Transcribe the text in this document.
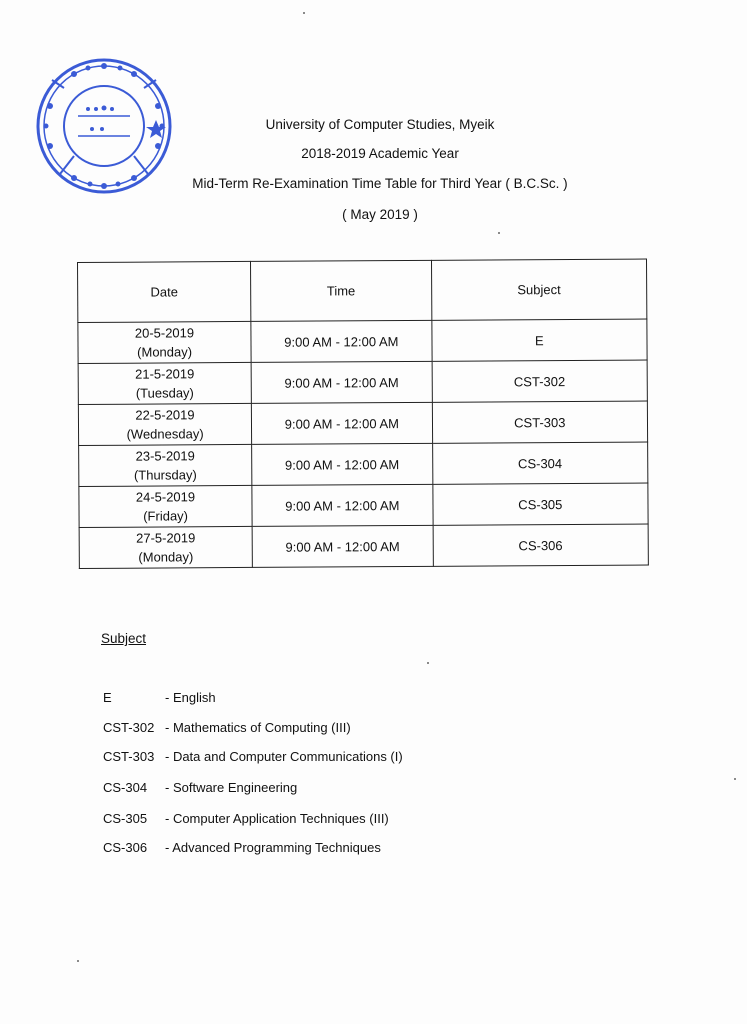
University of Computer Studies, Myeik
2018-2019 Academic Year
Mid-Term Re-Examination Time Table for Third Year ( B.C.Sc. )
( May 2019 )
Date	Time	Subject

20-5-2019
(Monday)	9:00 AM - 12:00 AM	E

21-5-2019
(Tuesday)	9:00 AM - 12:00 AM	CST-302

22-5-2019
(Wednesday)	9:00 AM - 12:00 AM	CST-303

23-5-2019
(Thursday)	9:00 AM - 12:00 AM	CS-304

24-5-2019
(Friday)	9:00 AM - 12:00 AM	CS-305

27-5-2019
(Monday)	9:00 AM - 12:00 AM	CS-306
Subject
E	- English
CST-302 - Mathematics of Computing (III)
CST-303 - Data and Computer Communications (I)
CS-304	- Software Engineering
CS-305	- Computer Application Techniques (III)
CS-306	- Advanced Programming Techniques
